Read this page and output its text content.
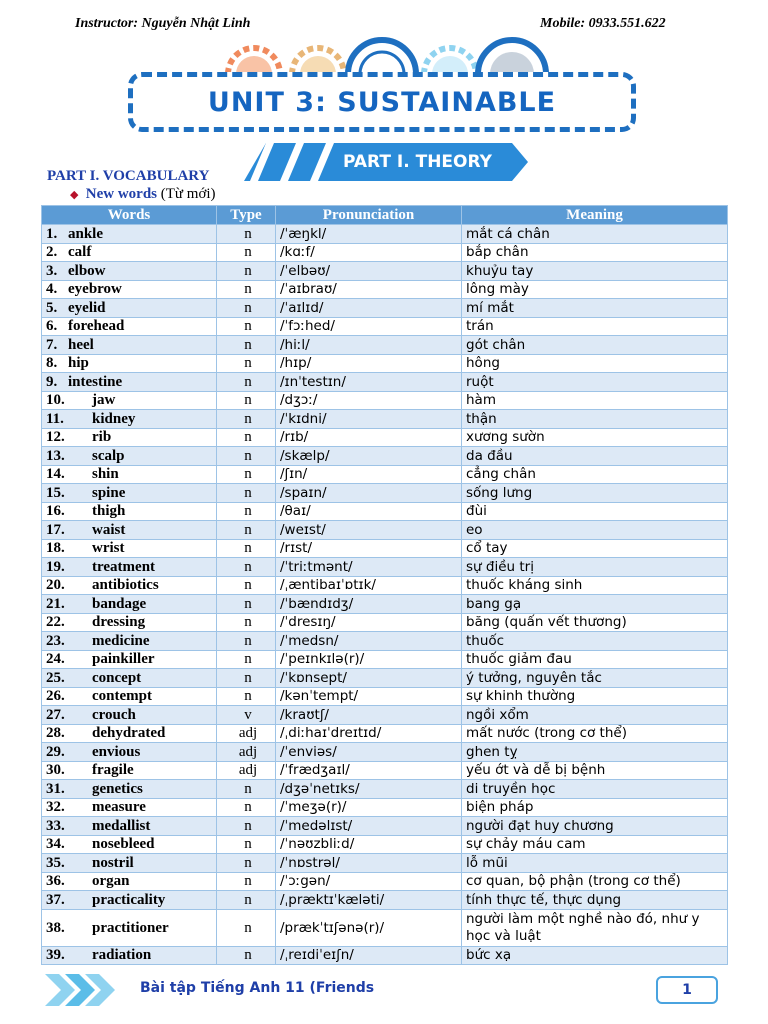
Instructor: Nguyễn Nhật Linh	Mobile: 0933.551.622
UNIT 3: SUSTAINABLE
PART I. THEORY
PART I. VOCABULARY
◆ New words (Từ mới)
Words	Type	Pronunciation	Meaning
1. ankle	n	/ˈæŋkl/	mắt cá chân
2. calf	n	/kɑːf/	bắp chân
3. elbow	n	/ˈelbəʊ/	khuỷu tay
4. eyebrow	n	/ˈaɪbraʊ/	lông mày
5. eyelid	n	/ˈaɪlɪd/	mí mắt
6. forehead	n	/ˈfɔːhed/	trán
7. heel	n	/hiːl/	gót chân
8. hip	n	/hɪp/	hông
9. intestine	n	/ɪnˈtestɪn/	ruột
10. jaw	n	/dʒɔː/	hàm
11. kidney	n	/ˈkɪdni/	thận
12. rib	n	/rɪb/	xương sườn
13. scalp	n	/skælp/	da đầu
14. shin	n	/ʃɪn/	cẳng chân
15. spine	n	/spaɪn/	sống lưng
16. thigh	n	/θaɪ/	đùi
17. waist	n	/weɪst/	eo
18. wrist	n	/rɪst/	cổ tay
19. treatment	n	/ˈtriːtmənt/	sự điều trị
20. antibiotics	n	/ˌæntibaɪˈɒtɪk/	thuốc kháng sinh
21. bandage	n	/ˈbændɪdʒ/	bang gạ
22. dressing	n	/ˈdresɪŋ/	băng (quấn vết thương)
23. medicine	n	/ˈmedsn/	thuốc
24. painkiller	n	/ˈpeɪnkɪlə(r)/	thuốc giảm đau
25. concept	n	/ˈkɒnsept/	ý tưởng, nguyên tắc
26. contempt	n	/kənˈtempt/	sự khinh thường
27. crouch	v	/kraʊtʃ/	ngồi xổm
28. dehydrated	adj	/ˌdiːhaɪˈdreɪtɪd/	mất nước (trong cơ thể)
29. envious	adj	/ˈenviəs/	ghen tỵ
30. fragile	adj	/ˈfrædʒaɪl/	yếu ớt và dễ bị bệnh
31. genetics	n	/dʒəˈnetɪks/	di truyền học
32. measure	n	/ˈmeʒə(r)/	biện pháp
33. medallist	n	/ˈmedəlɪst/	người đạt huy chương
34. nosebleed	n	/ˈnəʊzbliːd/	sự chảy máu cam
35. nostril	n	/ˈnɒstrəl/	lỗ mũi
36. organ	n	/ˈɔːgən/	cơ quan, bộ phận (trong cơ thể)
37. practicality	n	/ˌpræktɪˈkæləti/	tính thực tế, thực dụng
38. practitioner	n	/prækˈtɪʃənə(r)/	người làm một nghề nào đó, như y học và luật
39. radiation	n	/ˌreɪdiˈeɪʃn/	bức xạ
Bài tập Tiếng Anh 11 (Friends	1
